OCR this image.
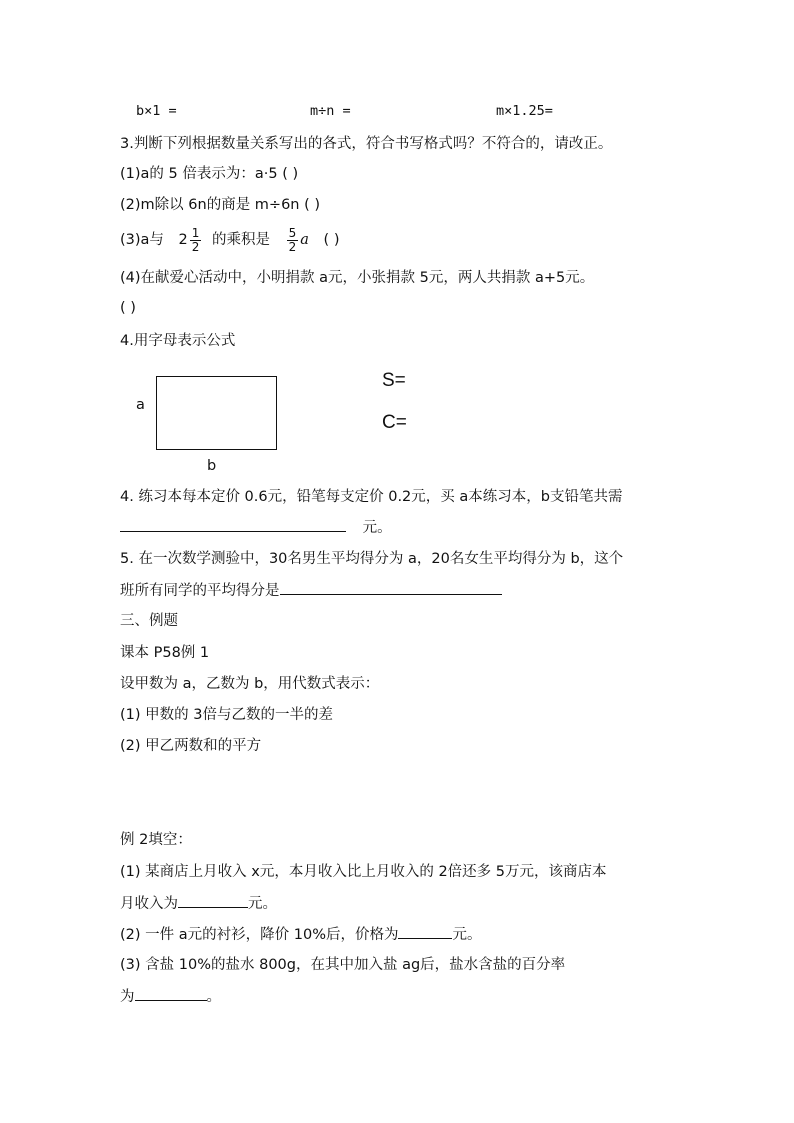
b×1 =	m÷n =	m×1.25=
3.判断下列根据数量关系写出的各式，符合书写格式吗？不符合的，请改正。
(1)a的 5 倍表示为：a·5 ( )
(2)m除以 6n的商是 m÷6n ( )
(3)a与 $2 \frac{1}{2}$ 的乘积是 $\frac{5}{2}$ a ( )
(4)在献爱心活动中，小明捐款 a元，小张捐款 5元，两人共捐款 a+5元。
( )
4.用字母表示公式
a
b
S=
C=
4. 练习本每本定价 0.6元，铅笔每支定价 0.2元，买 a本练习本，b支铅笔共需
元。
5. 在一次数学测验中，30名男生平均得分为 a，20名女生平均得分为 b，这个
班所有同学的平均得分是
三、例题
课本 P58例 1
设甲数为 a，乙数为 b，用代数式表示：
(1) 甲数的 3倍与乙数的一半的差
(2) 甲乙两数和的平方
例 2填空：
(1) 某商店上月收入 x元，本月收入比上月收入的 2倍还多 5万元，该商店本
月收入为	元。
(2) 一件 a元的衬衫，降价 10%后，价格为	元。
(3) 含盐 10%的盐水 800g，在其中加入盐 ag后，盐水含盐的百分率
为	。
